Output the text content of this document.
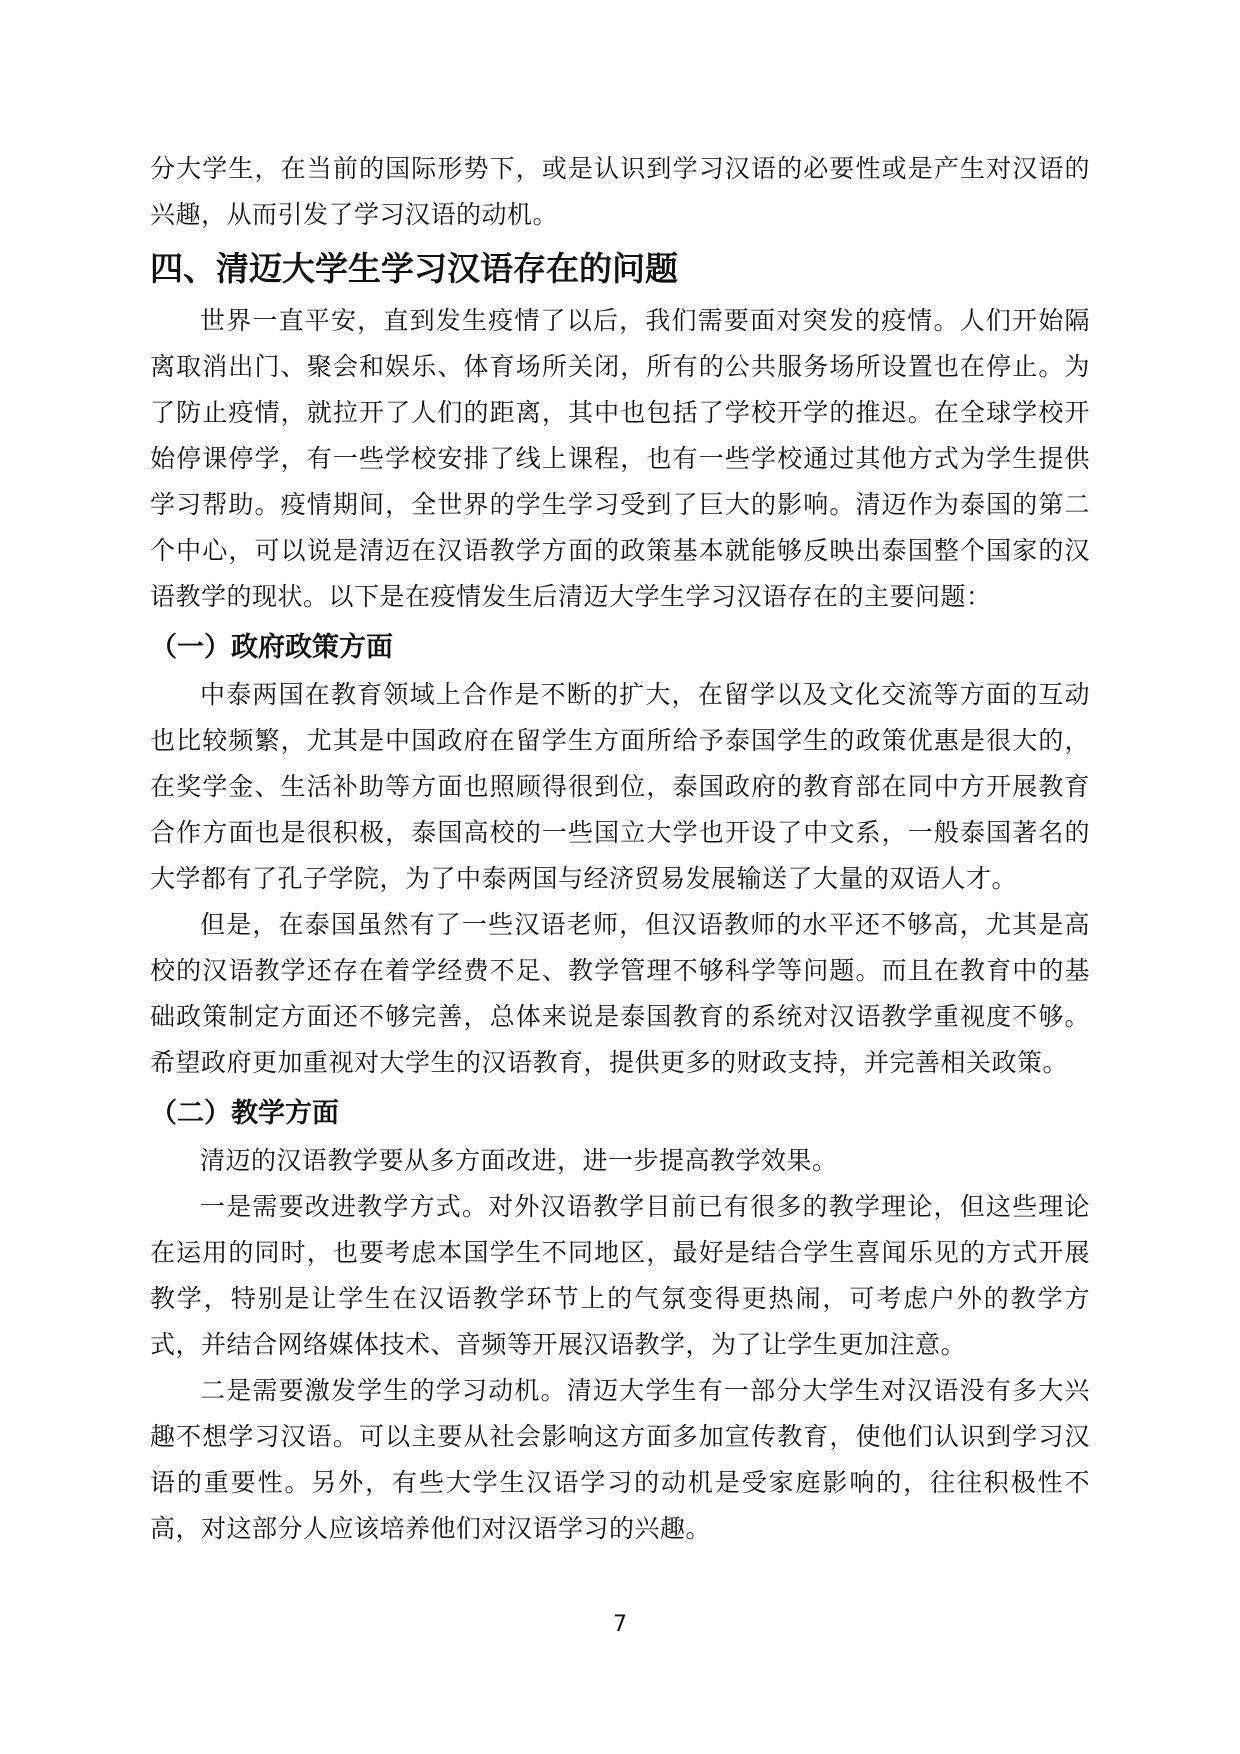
分大学生，在当前的国际形势下，或是认识到学习汉语的必要性或是产生对汉语的兴趣，从而引发了学习汉语的动机。

四、清迈大学生学习汉语存在的问题

世界一直平安，直到发生疫情了以后，我们需要面对突发的疫情。人们开始隔离取消出门、聚会和娱乐、体育场所关闭，所有的公共服务场所设置也在停止。为了防止疫情，就拉开了人们的距离，其中也包括了学校开学的推迟。在全球学校开始停课停学，有一些学校安排了线上课程，也有一些学校通过其他方式为学生提供学习帮助。疫情期间，全世界的学生学习受到了巨大的影响。清迈作为泰国的第二个中心，可以说是清迈在汉语教学方面的政策基本就能够反映出泰国整个国家的汉语教学的现状。以下是在疫情发生后清迈大学生学习汉语存在的主要问题：

（一）政府政策方面

中泰两国在教育领域上合作是不断的扩大，在留学以及文化交流等方面的互动也比较频繁，尤其是中国政府在留学生方面所给予泰国学生的政策优惠是很大的，在奖学金、生活补助等方面也照顾得很到位，泰国政府的教育部在同中方开展教育合作方面也是很积极，泰国高校的一些国立大学也开设了中文系，一般泰国著名的大学都有了孔子学院，为了中泰两国与经济贸易发展输送了大量的双语人才。

但是，在泰国虽然有了一些汉语老师，但汉语教师的水平还不够高，尤其是高校的汉语教学还存在着学经费不足、教学管理不够科学等问题。而且在教育中的基础政策制定方面还不够完善，总体来说是泰国教育的系统对汉语教学重视度不够。希望政府更加重视对大学生的汉语教育，提供更多的财政支持，并完善相关政策。

（二）教学方面

清迈的汉语教学要从多方面改进，进一步提高教学效果。

一是需要改进教学方式。对外汉语教学目前已有很多的教学理论，但这些理论在运用的同时，也要考虑本国学生不同地区，最好是结合学生喜闻乐见的方式开展教学，特别是让学生在汉语教学环节上的气氛变得更热闹，可考虑户外的教学方式，并结合网络媒体技术、音频等开展汉语教学，为了让学生更加注意。

二是需要激发学生的学习动机。清迈大学生有一部分大学生对汉语没有多大兴趣不想学习汉语。可以主要从社会影响这方面多加宣传教育，使他们认识到学习汉语的重要性。另外，有些大学生汉语学习的动机是受家庭影响的，往往积极性不高，对这部分人应该培养他们对汉语学习的兴趣。

7
